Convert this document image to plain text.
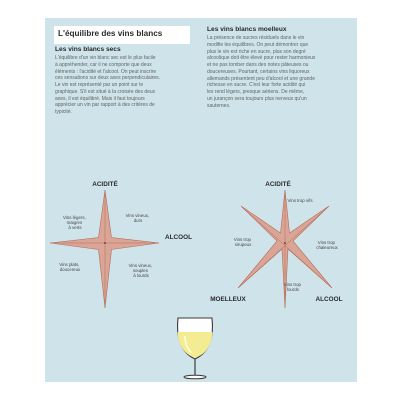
L'équilibre des vins blancs
Les vins blancs secs
L'équilibre d'un vin blanc sec est le plus facile
à appréhender, car il ne comporte que deux
éléments : l'acidité et l'alcool. On peut inscrire
ces sensations sur deux axes perpendiculaires.
Le vin est représenté par un point sur le
graphique. S'il est situé à la croisée des deux
axes, il est équilibré. Mais il faut toujours
apprécier un vin par rapport à des critères de
typicité.
Les vins blancs moelleux
La présence de sucres résiduels dans le vin
modifie les équilibres. On peut démontrer que
plus le vin est riche en sucre, plus son degré
alcoolique doit être élevé pour rester harmonieux
et ne pas tomber dans des notes pâteuses ou
doucereuses. Pourtant, certains vins liquoreux
allemands présentent peu d'alcool et une grande
richesse en sucre. C'est leur forte acidité qui
les rend légers, presque aériens. De même,
un jurançon sera toujours plus nerveux qu'un
sauternes.
ACIDITÉ
ALCOOL
Vins légers, maigres à verts
Vins vineux, durs
Vins plats, doucereux
Vins vineux, souples à lourds
ACIDITÉ
MOELLEUX	ALCOOL
Vins trop vifs
Vins trop sirupeux	Vins trop chaleureux
Vins trop lourds
